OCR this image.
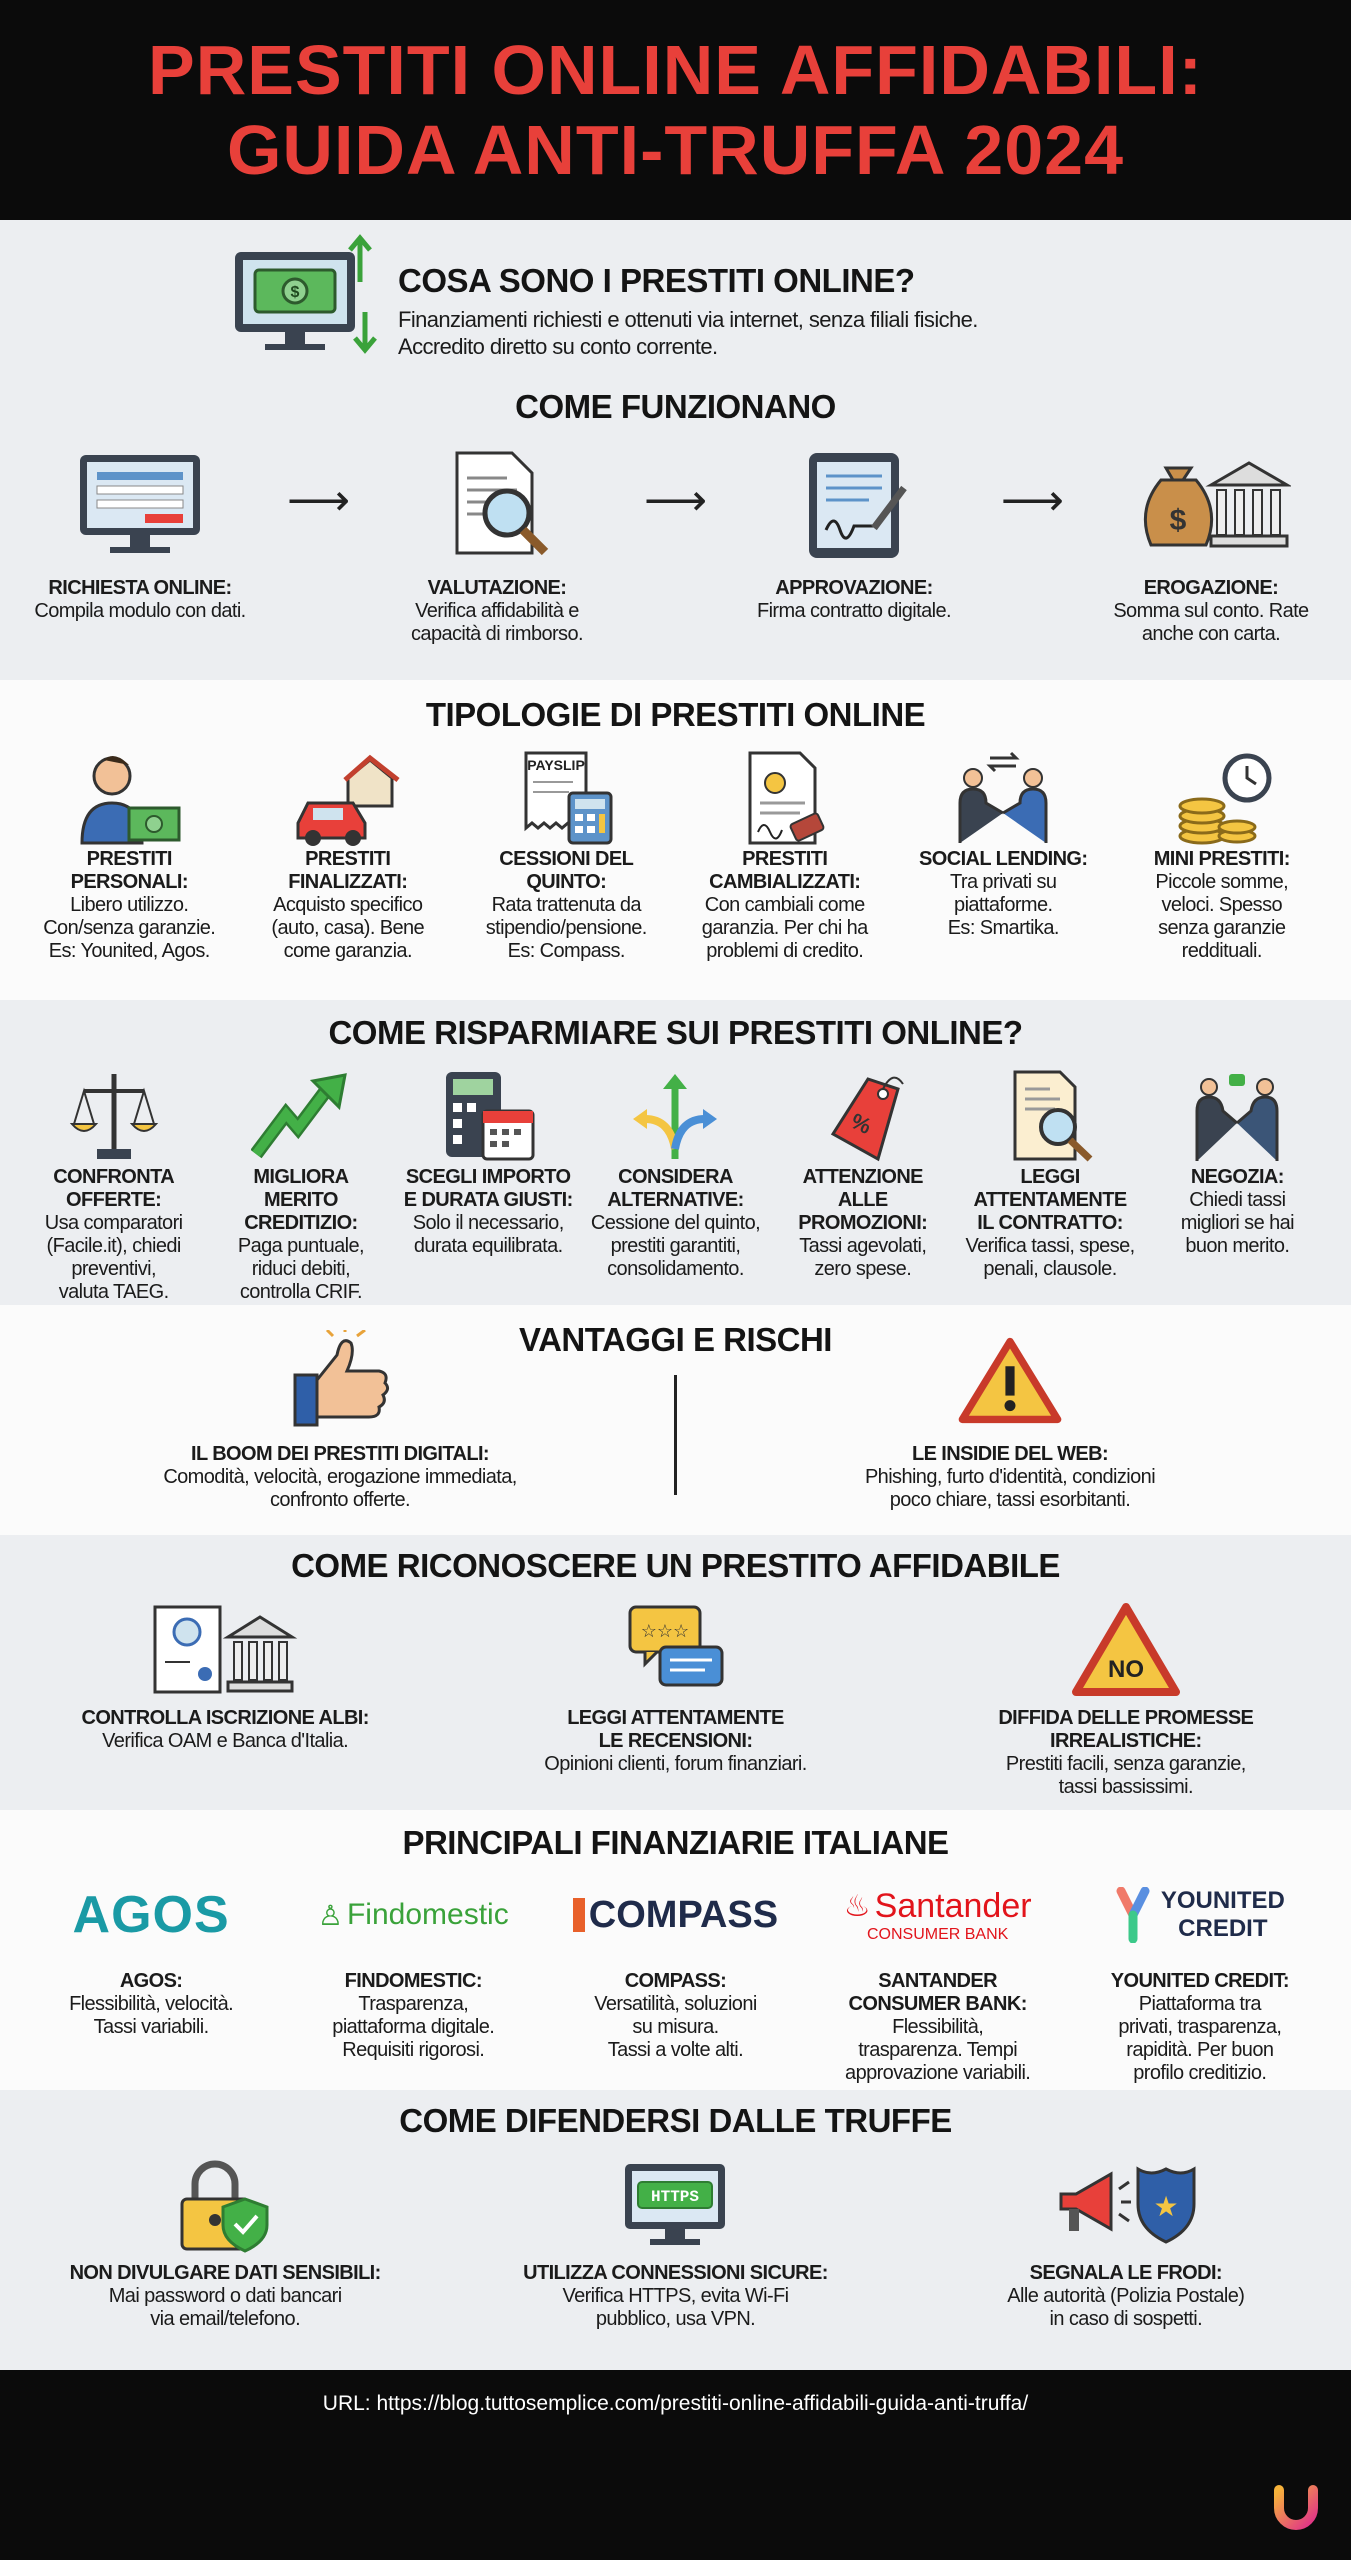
PRESTITI ONLINE AFFIDABILI:
GUIDA ANTI-TRUFFA 2024
$	COSA SONO I PRESTITI ONLINE?
Finanziamenti richiesti e ottenuti via internet, senza filiali fisiche.
Accredito diretto su conto corrente.
COME FUNZIONANO
RICHIESTA ONLINE:
Compila modulo con dati.
⟶
VALUTAZIONE:
Verifica affidabilità e
capacità di rimborso.
⟶
APPROVAZIONE:
Firma contratto digitale.
⟶	$
EROGAZIONE:
Somma sul conto. Rate
anche con carta.
TIPOLOGIE DI PRESTITI ONLINE
PRESTITI
PERSONALI:
Libero utilizzo.
Con/senza garanzie.
Es: Younited, Agos.
PRESTITI
FINALIZZATI:
Acquisto specifico
(auto, casa). Bene
come garanzia.
PAYSLIP
CESSIONI DEL
QUINTO:
Rata trattenuta da
stipendio/pensione.
Es: Compass.
PRESTITI
CAMBIALIZZATI:
Con cambiali come
garanzia. Per chi ha
problemi di credito.
SOCIAL LENDING:
Tra privati su
piattaforme.
Es: Smartika.
MINI PRESTITI:
Piccole somme,
veloci. Spesso
senza garanzie
reddituali.
COME RISPARMIARE SUI PRESTITI ONLINE?
CONFRONTA
OFFERTE:
Usa comparatori
(Facile.it), chiedi
preventivi,
valuta TAEG.
MIGLIORA
MERITO
CREDITIZIO:
Paga puntuale,
riduci debiti,
controlla CRIF.
SCEGLI IMPORTO
E DURATA GIUSTI:
Solo il necessario,
durata equilibrata.
CONSIDERA
ALTERNATIVE:
Cessione del quinto,
prestiti garantiti,
consolidamento.
%
ATTENZIONE
ALLE
PROMOZIONI:
Tassi agevolati,
zero spese.
LEGGI
ATTENTAMENTE
IL CONTRATTO:
Verifica tassi, spese,
penali, clausole.
NEGOZIA:
Chiedi tassi
migliori se hai
buon merito.
VANTAGGI E RISCHI
IL BOOM DEI PRESTITI DIGITALI:
Comodità, velocità, erogazione immediata,
confronto offerte.
LE INSIDIE DEL WEB:
Phishing, furto d'identità, condizioni
poco chiare, tassi esorbitanti.
COME RICONOSCERE UN PRESTITO AFFIDABILE
CONTROLLA ISCRIZIONE ALBI:
Verifica OAM e Banca d'Italia.
☆☆☆
LEGGI ATTENTAMENTE
LE RECENSIONI:
Opinioni clienti, forum finanziari.
NO
DIFFIDA DELLE PROMESSE
IRREALISTICHE:
Prestiti facili, senza garanzie,
tassi bassissimi.
PRINCIPALI FINANZIARIE ITALIANE
AGOS
AGOS:
Flessibilità, velocità.
Tassi variabili.
♙ Findomestic
FINDOMESTIC:
Trasparenza,
piattaforma digitale.
Requisiti rigorosi.
COMPASS
COMPASS:
Versatilità, soluzioni
su misura.
Tassi a volte alti.
♨ Santander
CONSUMER BANK
SANTANDER
CONSUMER BANK:
Flessibilità,
trasparenza. Tempi
approvazione variabili.
YOUNITED
CREDIT
YOUNITED CREDIT:
Piattaforma tra
privati, trasparenza,
rapidità. Per buon
profilo creditizio.
COME DIFENDERSI DALLE TRUFFE
NON DIVULGARE DATI SENSIBILI:
Mai password o dati bancari
via email/telefono.
HTTPS
UTILIZZA CONNESSIONI SICURE:
Verifica HTTPS, evita Wi-Fi
pubblico, usa VPN.
★
SEGNALA LE FRODI:
Alle autorità (Polizia Postale)
in caso di sospetti.
URL: https://blog.tuttosemplice.com/prestiti-online-affidabili-guida-anti-truffa/
